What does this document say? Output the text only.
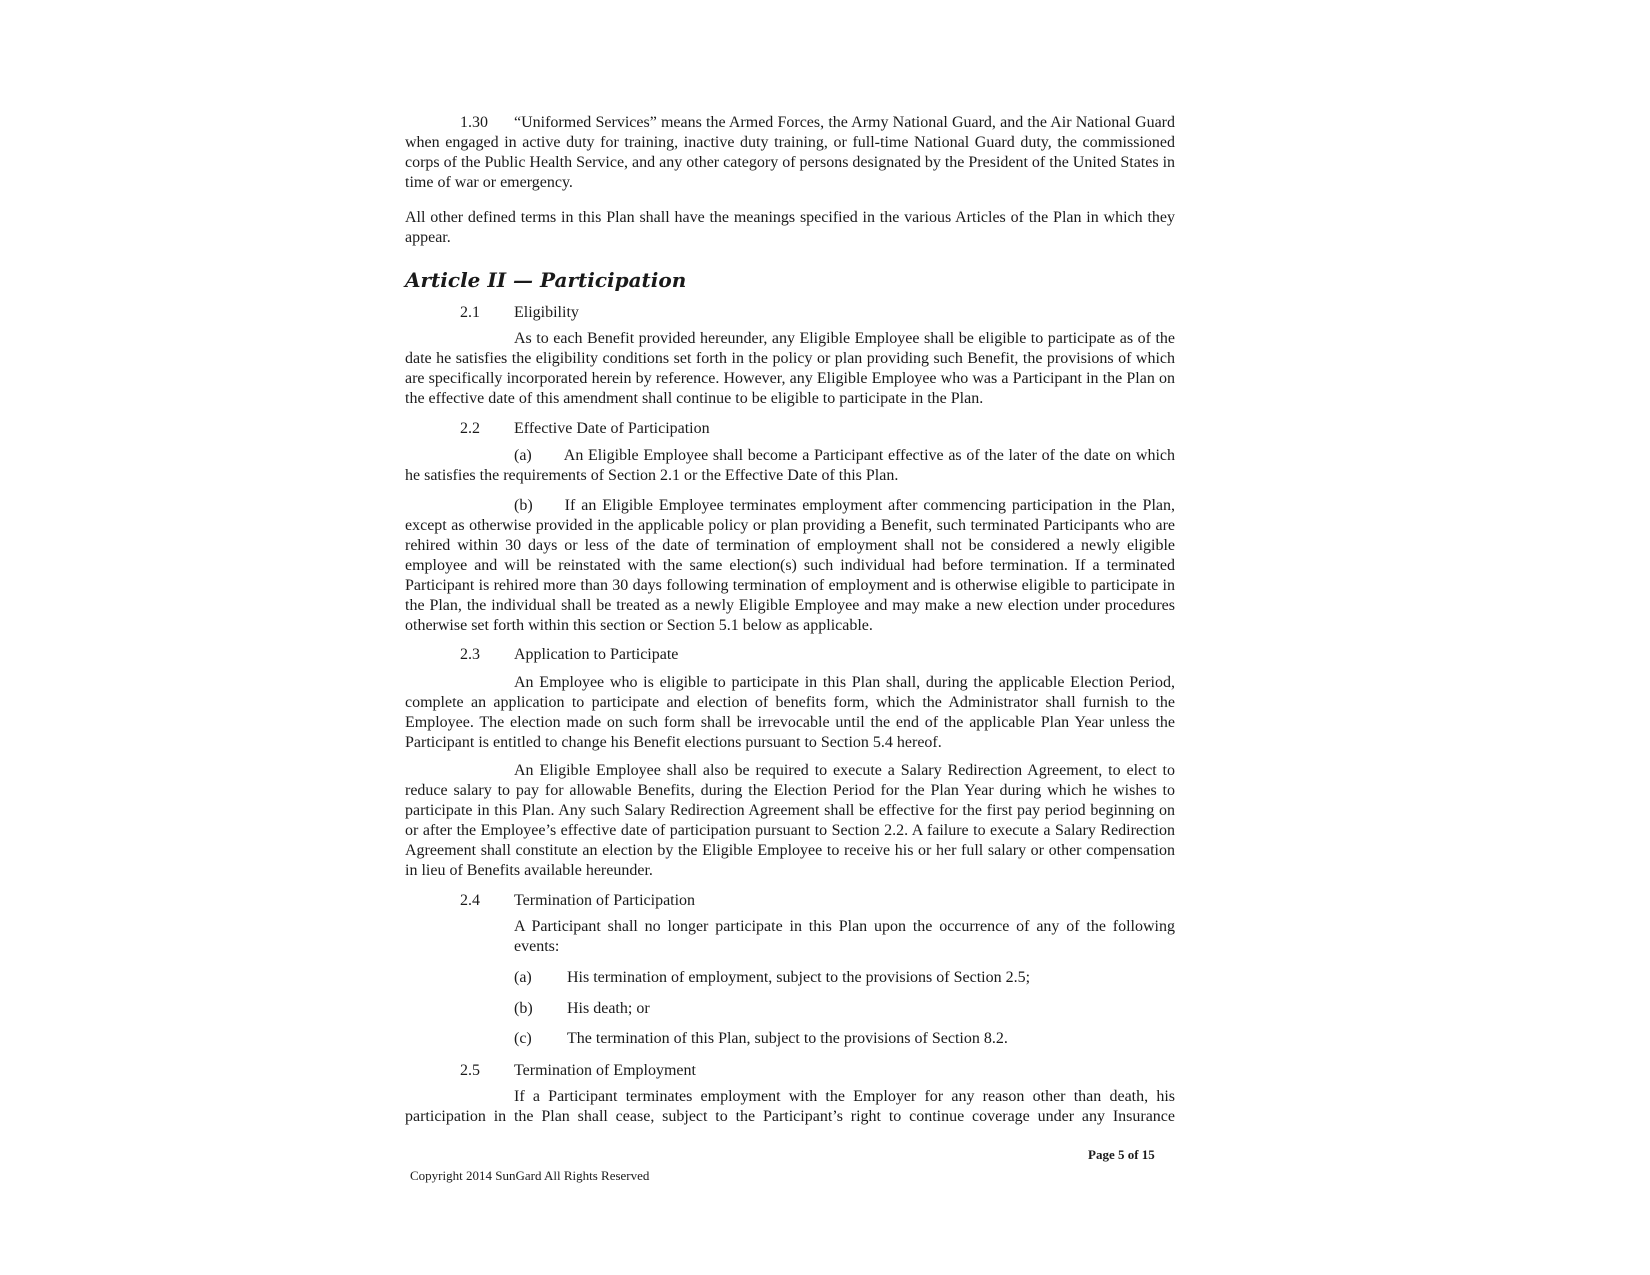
1.30 “Uniformed Services” means the Armed Forces, the Army National Guard, and the Air National Guard when engaged in active duty for training, inactive duty training, or full-time National Guard duty, the commissioned corps of the Public Health Service, and any other category of persons designated by the President of the United States in time of war or emergency.
All other defined terms in this Plan shall have the meanings specified in the various Articles of the Plan in which they appear.
Article II — Participation
2.1 Eligibility
As to each Benefit provided hereunder, any Eligible Employee shall be eligible to participate as of the date he satisfies the eligibility conditions set forth in the policy or plan providing such Benefit, the provisions of which are specifically incorporated herein by reference. However, any Eligible Employee who was a Participant in the Plan on the effective date of this amendment shall continue to be eligible to participate in the Plan.
2.2 Effective Date of Participation
(a)  An Eligible Employee shall become a Participant effective as of the later of the date on which he satisfies the requirements of Section 2.1 or the Effective Date of this Plan.
(b)  If an Eligible Employee terminates employment after commencing participation in the Plan, except as otherwise provided in the applicable policy or plan providing a Benefit, such terminated Participants who are rehired within 30 days or less of the date of termination of employment shall not be considered a newly eligible employee and will be reinstated with the same election(s) such individual had before termination. If a terminated Participant is rehired more than 30 days following termination of employment and is otherwise eligible to participate in the Plan, the individual shall be treated as a newly Eligible Employee and may make a new election under procedures otherwise set forth within this section or Section 5.1 below as applicable.
2.3 Application to Participate
An Employee who is eligible to participate in this Plan shall, during the applicable Election Period, complete an application to participate and election of benefits form, which the Administrator shall furnish to the Employee. The election made on such form shall be irrevocable until the end of the applicable Plan Year unless the Participant is entitled to change his Benefit elections pursuant to Section 5.4 hereof.
An Eligible Employee shall also be required to execute a Salary Redirection Agreement, to elect to reduce salary to pay for allowable Benefits, during the Election Period for the Plan Year during which he wishes to participate in this Plan. Any such Salary Redirection Agreement shall be effective for the first pay period beginning on or after the Employee’s effective date of participation pursuant to Section 2.2. A failure to execute a Salary Redirection Agreement shall constitute an election by the Eligible Employee to receive his or her full salary or other compensation in lieu of Benefits available hereunder.
2.4 Termination of Participation
A Participant shall no longer participate in this Plan upon the occurrence of any of the following events:
(a) His termination of employment, subject to the provisions of Section 2.5;
(b) His death; or
(c) The termination of this Plan, subject to the provisions of Section 8.2.
2.5 Termination of Employment
If a Participant terminates employment with the Employer for any reason other than death, his participation in the Plan shall cease, subject to the Participant’s right to continue coverage under any Insurance
Page 5 of 15
Copyright 2014 SunGard All Rights Reserved
